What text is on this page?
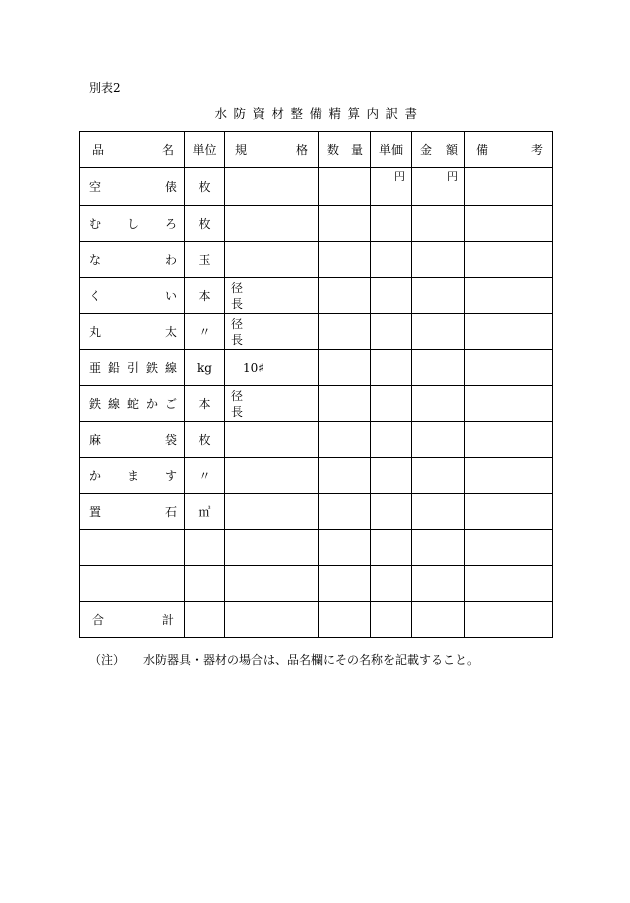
別表2
水防資材整備精算内訳書
品 名	単位	規 格	数 量	単価	金 額	備 考

空 俵	枚			円	円	

む し ろ	枚					

な わ	玉					

く い	本	径
長				

丸 太	〃	径
長				

亜 鉛 引 鉄 線	kg	10♯				

鉄 線 蛇 か ご	本	径
長				

麻 袋	枚					

か ま す	〃					

置 石	㎥					

合 計						

（注） 水防器具・器材の場合は、品名欄にその名称を記載すること。
